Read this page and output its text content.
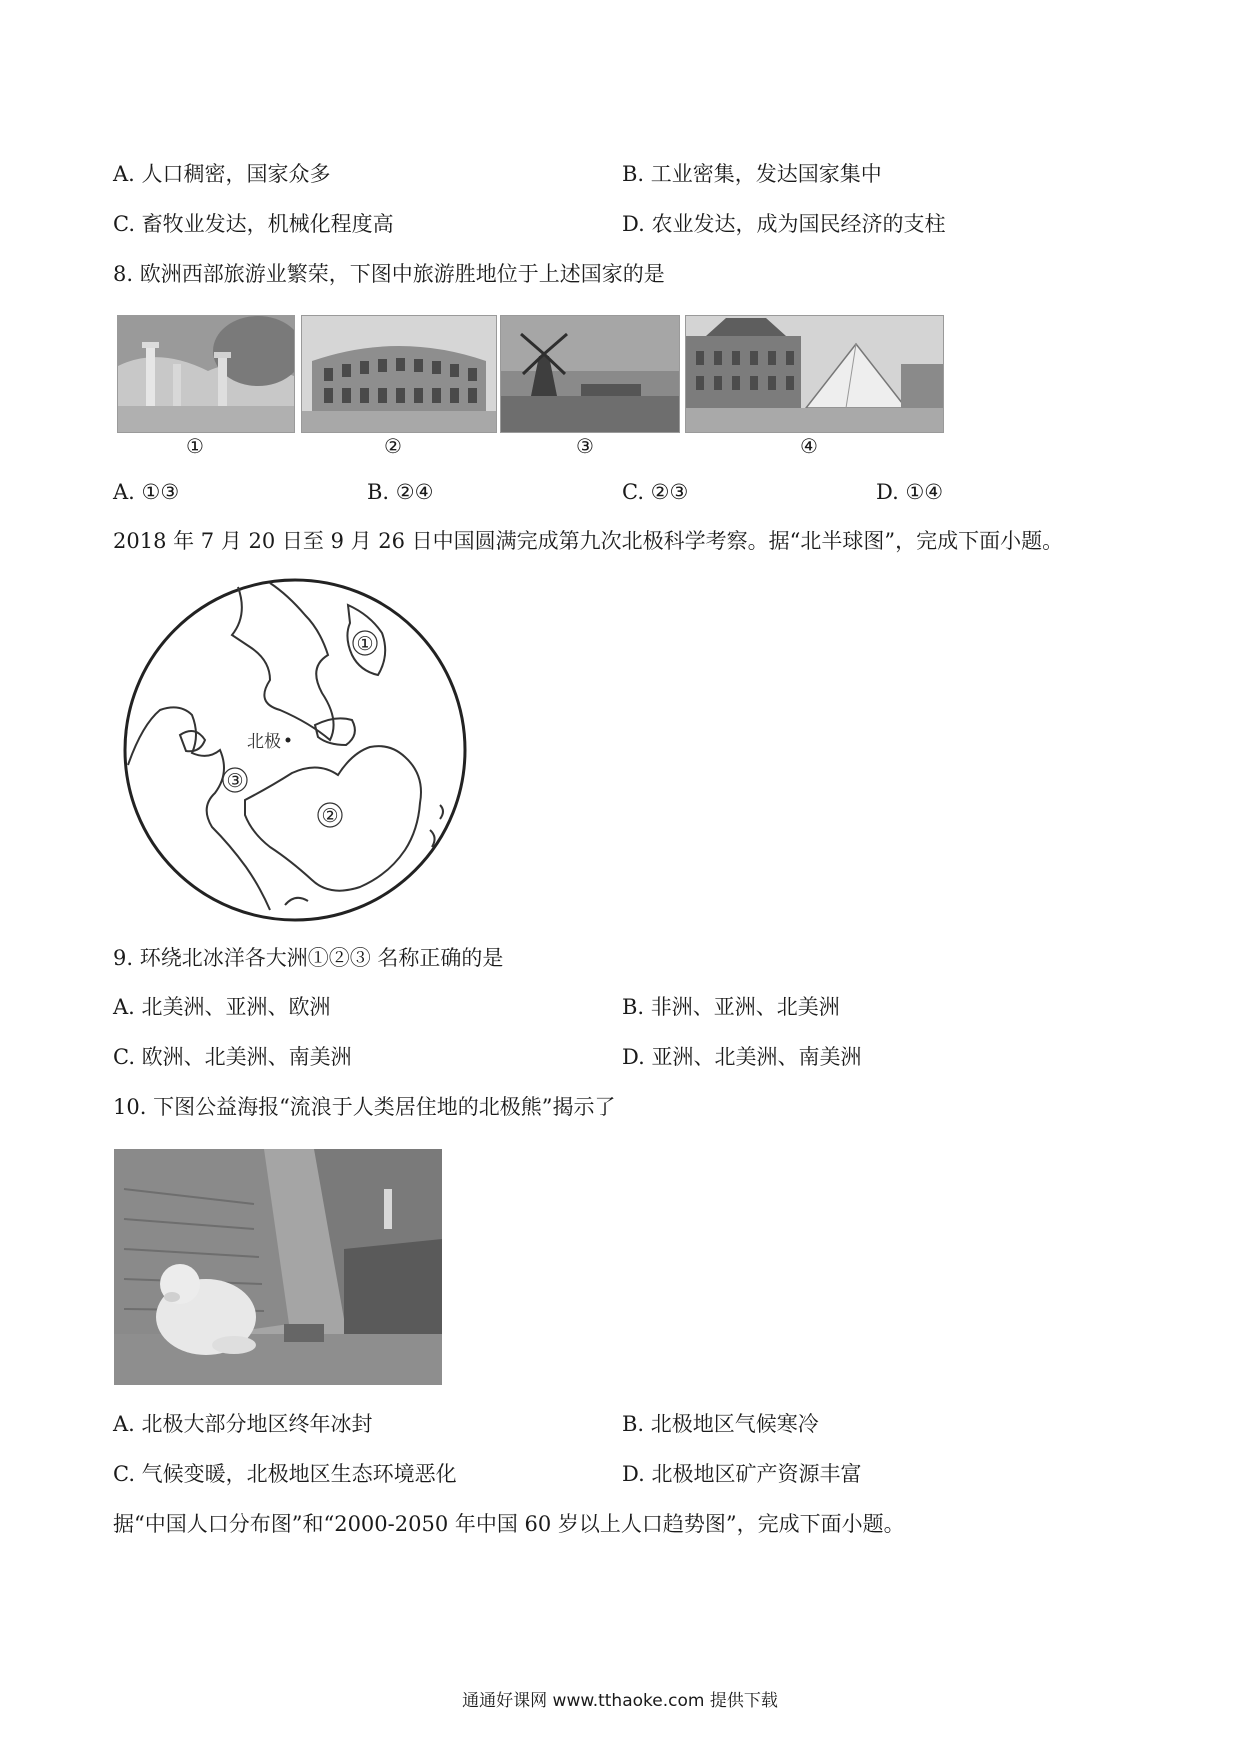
A. 人口稠密，国家众多	B. 工业密集，发达国家集中
C. 畜牧业发达，机械化程度高	D. 农业发达，成为国民经济的支柱
8. 欧洲西部旅游业繁荣，下图中旅游胜地位于上述国家的是
①	②	③	④
A. ①③	B. ②④	C. ②③	D. ①④
2018 年 7 月 20 日至 9 月 26 日中国圆满完成第九次北极科学考察。据“北半球图”，完成下面小题。
①
②
③
北极
9. 环绕北冰洋各大洲①②③ 名称正确的是
A. 北美洲、亚洲、欧洲	B. 非洲、亚洲、北美洲
C. 欧洲、北美洲、南美洲	D. 亚洲、北美洲、南美洲
10. 下图公益海报“流浪于人类居住地的北极熊”揭示了
A. 北极大部分地区终年冰封	B. 北极地区气候寒冷
C. 气候变暖，北极地区生态环境恶化	D. 北极地区矿产资源丰富
据“中国人口分布图”和“2000-2050 年中国 60 岁以上人口趋势图”，完成下面小题。
通通好课网 www.tthaoke.com 提供下载
